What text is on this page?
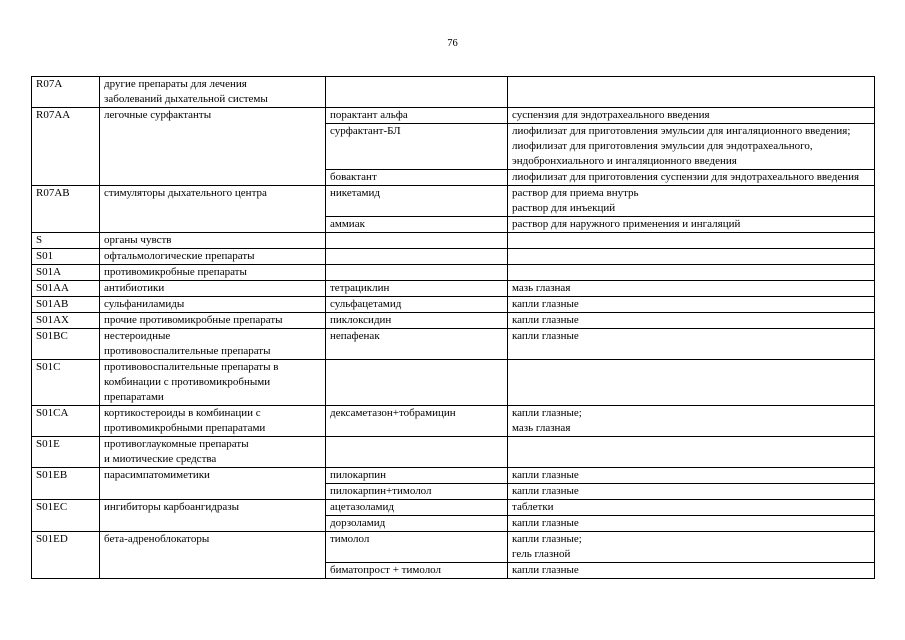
76
R07A	другие препараты для лечения
заболеваний дыхательной системы		
R07AA	легочные сурфактанты	порактант альфа	суспензия для эндотрахеального введения
		сурфактант-БЛ	лиофилизат для приготовления эмульсии для ингаляционного введения;
лиофилизат для приготовления эмульсии для эндотрахеального, эндобронхиального и ингаляционного введения
		бовактант	лиофилизат для приготовления суспензии для эндотрахеального введения
R07AB	стимуляторы дыхательного центра	никетамид	раствор для приема внутрь
раствор для инъекций
		аммиак	раствор для наружного применения и ингаляций
S	органы чувств		
S01	офтальмологические препараты		
S01A	противомикробные препараты		
S01AA	антибиотики	тетрациклин	мазь глазная
S01AB	сульфаниламиды	сульфацетамид	капли глазные
S01AX	прочие противомикробные препараты	пиклоксидин	капли глазные
S01BC	нестероидные
противовоспалительные препараты	непафенак	капли глазные
S01C	противовоспалительные препараты в комбинации с противомикробными препаратами		
S01CA	кортикостероиды в комбинации с противомикробными препаратами	дексаметазон+тобрамицин	капли глазные;
мазь глазная
S01E	противоглаукомные препараты
и миотические средства		
S01EB	парасимпатомиметики	пилокарпин	капли глазные
		пилокарпин+тимолол	капли глазные
S01EC	ингибиторы карбоангидразы	ацетазоламид	таблетки
		дорзоламид	капли глазные
S01ED	бета-адреноблокаторы	тимолол	капли глазные;
гель глазной
		биматопрост + тимолол	капли глазные
